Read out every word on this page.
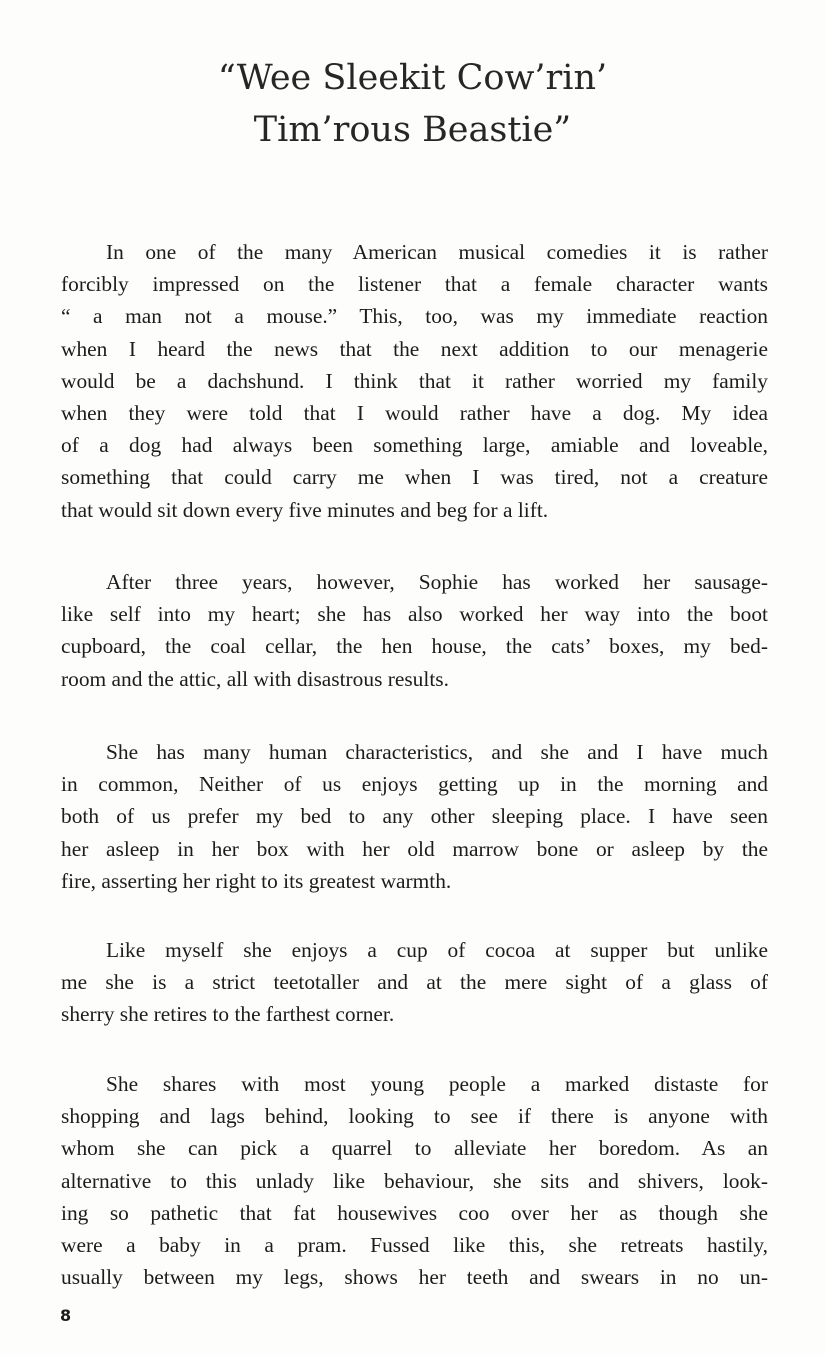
“Wee Sleekit Cow’rin’
Tim’rous Beastie”
In one of the many American musical comedies it is rather
forcibly impressed on the listener that a female character wants
“ a man not a mouse.” This, too, was my immediate reaction
when I heard the news that the next addition to our menagerie
would be a dachshund. I think that it rather worried my family
when they were told that I would rather have a dog. My idea
of a dog had always been something large, amiable and loveable,
something that could carry me when I was tired, not a creature
that would sit down every five minutes and beg for a lift.
After three years, however, Sophie has worked her sausage-
like self into my heart; she has also worked her way into the boot
cupboard, the coal cellar, the hen house, the cats’ boxes, my bed-
room and the attic, all with disastrous results.
She has many human characteristics, and she and I have much
in common, Neither of us enjoys getting up in the morning and
both of us prefer my bed to any other sleeping place. I have seen
her asleep in her box with her old marrow bone or asleep by the
fire, asserting her right to its greatest warmth.
Like myself she enjoys a cup of cocoa at supper but unlike
me she is a strict teetotaller and at the mere sight of a glass of
sherry she retires to the farthest corner.
She shares with most young people a marked distaste for
shopping and lags behind, looking to see if there is anyone with
whom she can pick a quarrel to alleviate her boredom. As an
alternative to this unlady like behaviour, she sits and shivers, look-
ing so pathetic that fat housewives coo over her as though she
were a baby in a pram. Fussed like this, she retreats hastily,
usually between my legs, shows her teeth and swears in no un-
8
